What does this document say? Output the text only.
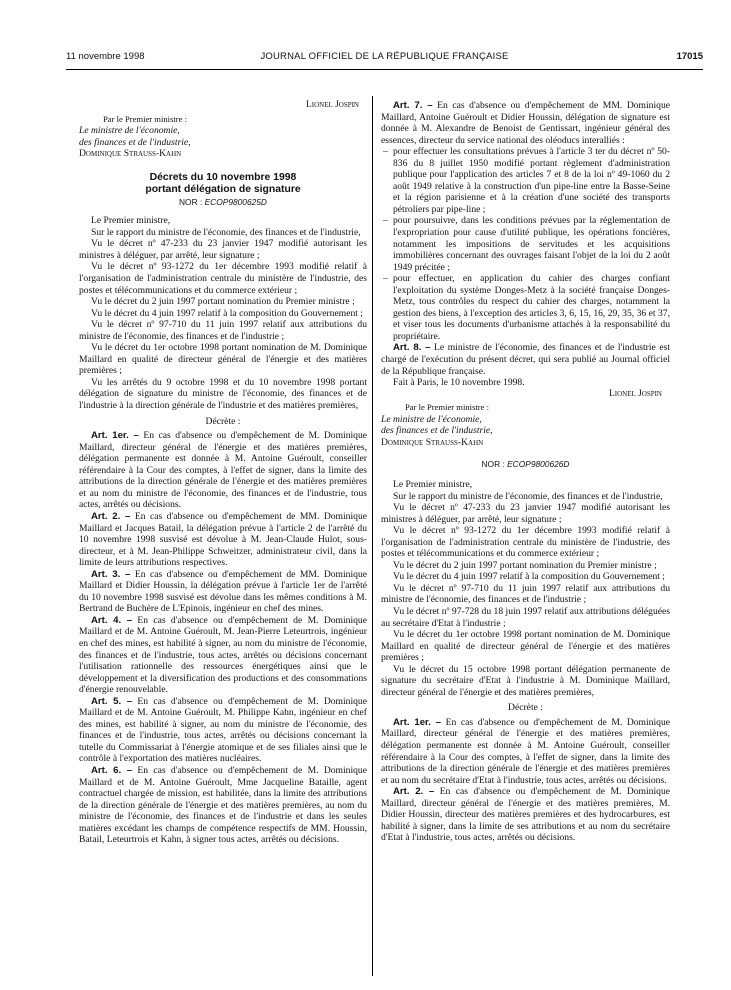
11 novembre 1998	JOURNAL OFFICIEL DE LA RÉPUBLIQUE FRANÇAISE	17015

Lionel Jospin

Par le Premier ministre :

Le ministre de l'économie,

des finances et de l'industrie,

Dominique Strauss-Kahn

Décrets du 10 novembre 1998

portant délégation de signature

NOR : ECOP9800625D

Le Premier ministre,

Sur le rapport du ministre de l'économie, des finances et de l'industrie,

Vu le décret nº 47-233 du 23 janvier 1947 modifié autorisant les ministres à déléguer, par arrêté, leur signature ;

Vu le décret nº 93-1272 du 1er décembre 1993 modifié relatif à l'organisation de l'administration centrale du ministère de l'industrie, des postes et télécommunications et du commerce extérieur ;

Vu le décret du 2 juin 1997 portant nomination du Premier ministre ;

Vu le décret du 4 juin 1997 relatif à la composition du Gouvernement ;

Vu le décret nº 97-710 du 11 juin 1997 relatif aux attributions du ministre de l'économie, des finances et de l'industrie ;

Vu le décret du 1er octobre 1998 portant nomination de M. Dominique Maillard en qualité de directeur général de l'énergie et des matières premières ;

Vu les arrêtés du 9 octobre 1998 et du 10 novembre 1998 portant délégation de signature du ministre de l'économie, des finances et de l'industrie à la direction générale de l'industrie et des matières premières,

Décrète :

Art. 1er. – En cas d'absence ou d'empêchement de M. Dominique Maillard, directeur général de l'énergie et des matières premières, délégation permanente est donnée à M. Antoine Guéroult, conseiller référendaire à la Cour des comptes, à l'effet de signer, dans la limite des attributions de la direction générale de l'énergie et des matières premières et au nom du ministre de l'économie, des finances et de l'industrie, tous actes, arrêtés ou décisions.

Art. 2. – En cas d'absence ou d'empêchement de MM. Dominique Maillard et Jacques Batail, la délégation prévue à l'article 2 de l'arrêté du 10 novembre 1998 susvisé est dévolue à M. Jean-Claude Hulot, sous-directeur, et à M. Jean-Philippe Schweitzer, administrateur civil, dans la limite de leurs attributions respectives.

Art. 3. – En cas d'absence ou d'empêchement de MM. Dominique Maillard et Didier Houssin, la délégation prévue à l'article 1er de l'arrêté du 10 novembre 1998 susvisé est dévolue dans les mêmes conditions à M. Bertrand de Buchère de L'Epinois, ingénieur en chef des mines.

Art. 4. – En cas d'absence ou d'empêchement de M. Dominique Maillard et de M. Antoine Guéroult, M. Jean-Pierre Leteurtrois, ingénieur en chef des mines, est habilité à signer, au nom du ministre de l'économie, des finances et de l'industrie, tous actes, arrêtés ou décisions concernant l'utilisation rationnelle des ressources énergétiques ainsi que le développement et la diversification des productions et des consommations d'énergie renouvelable.

Art. 5. – En cas d'absence ou d'empêchement de M. Dominique Maillard et de M. Antoine Guéroult, M. Philippe Kahn, ingénieur en chef des mines, est habilité à signer, au nom du ministre de l'économie, des finances et de l'industrie, tous actes, arrêtés ou décisions concernant la tutelle du Commissariat à l'énergie atomique et de ses filiales ainsi que le contrôle à l'exportation des matières nucléaires.

Art. 6. – En cas d'absence ou d'empêchement de M. Dominique Maillard et de M. Antoine Guéroult, Mme Jacqueline Bataille, agent contractuel chargée de mission, est habilitée, dans la limite des attributions de la direction générale de l'énergie et des matières premières, au nom du ministre de l'économie, des finances et de l'industrie et dans les seules matières excédant les champs de compétence respectifs de MM. Houssin, Batail, Leteurtrois et Kahn, à signer tous actes, arrêtés ou décisions.

Art. 7. – En cas d'absence ou d'empêchement de MM. Dominique Maillard, Antoine Guéroult et Didier Houssin, délégation de signature est donnée à M. Alexandre de Benoist de Gentissart, ingénieur général des essences, directeur du service national des oléoducs interalliés :

– pour effectuer les consultations prévues à l'article 3 ter du décret nº 50-836 du 8 juillet 1950 modifié portant règlement d'administration publique pour l'application des articles 7 et 8 de la loi nº 49-1060 du 2 août 1949 relative à la construction d'un pipe-line entre la Basse-Seine et la région parisienne et à la création d'une société des transports pétroliers par pipe-line ;
– pour poursuivre, dans les conditions prévues par la réglementation de l'expropriation pour cause d'utilité publique, les opérations foncières, notamment les impositions de servitudes et les acquisitions immobilières concernant des ouvrages faisant l'objet de la loi du 2 août 1949 précitée ;
– pour effectuer, en application du cahier des charges confiant l'exploitation du système Donges-Metz à la société française Donges-Metz, tous contrôles du respect du cahier des charges, notamment la gestion des biens, à l'exception des articles 3, 6, 15, 16, 29, 35, 36 et 37, et viser tous les documents d'urbanisme attachés à la responsabilité du propriétaire.

Art. 8. – Le ministre de l'économie, des finances et de l'industrie est chargé de l'exécution du présent décret, qui sera publié au Journal officiel de la République française.

Fait à Paris, le 10 novembre 1998.

Lionel Jospin

Par le Premier ministre :

Le ministre de l'économie,

des finances et de l'industrie,

Dominique Strauss-Kahn

NOR : ECOP9800626D

Le Premier ministre,

Sur le rapport du ministre de l'économie, des finances et de l'industrie,

Vu le décret nº 47-233 du 23 janvier 1947 modifié autorisant les ministres à déléguer, par arrêté, leur signature ;

Vu le décret nº 93-1272 du 1er décembre 1993 modifié relatif à l'organisation de l'administration centrale du ministère de l'industrie, des postes et télécommunications et du commerce extérieur ;

Vu le décret du 2 juin 1997 portant nomination du Premier ministre ;

Vu le décret du 4 juin 1997 relatif à la composition du Gouvernement ;

Vu le décret nº 97-710 du 11 juin 1997 relatif aux attributions du ministre de l'économie, des finances et de l'industrie ;

Vu le décret nº 97-728 du 18 juin 1997 relatif aux attributions déléguées au secrétaire d'Etat à l'industrie ;

Vu le décret du 1er octobre 1998 portant nomination de M. Dominique Maillard en qualité de directeur général de l'énergie et des matières premières ;

Vu le décret du 15 octobre 1998 portant délégation permanente de signature du secrétaire d'Etat à l'industrie à M. Dominique Maillard, directeur général de l'énergie et des matières premières,

Décrète :

Art. 1er. – En cas d'absence ou d'empêchement de M. Dominique Maillard, directeur général de l'énergie et des matières premières, délégation permanente est donnée à M. Antoine Guéroult, conseiller référendaire à la Cour des comptes, à l'effet de signer, dans la limite des attributions de la direction générale de l'énergie et des matières premières et au nom du secrétaire d'Etat à l'industrie, tous actes, arrêtés ou décisions.

Art. 2. – En cas d'absence ou d'empêchement de M. Dominique Maillard, directeur général de l'énergie et des matières premières, M. Didier Houssin, directeur des matières premières et des hydrocarbures, est habilité à signer, dans la limite de ses attributions et au nom du secrétaire d'Etat à l'industrie, tous actes, arrêtés ou décisions.
